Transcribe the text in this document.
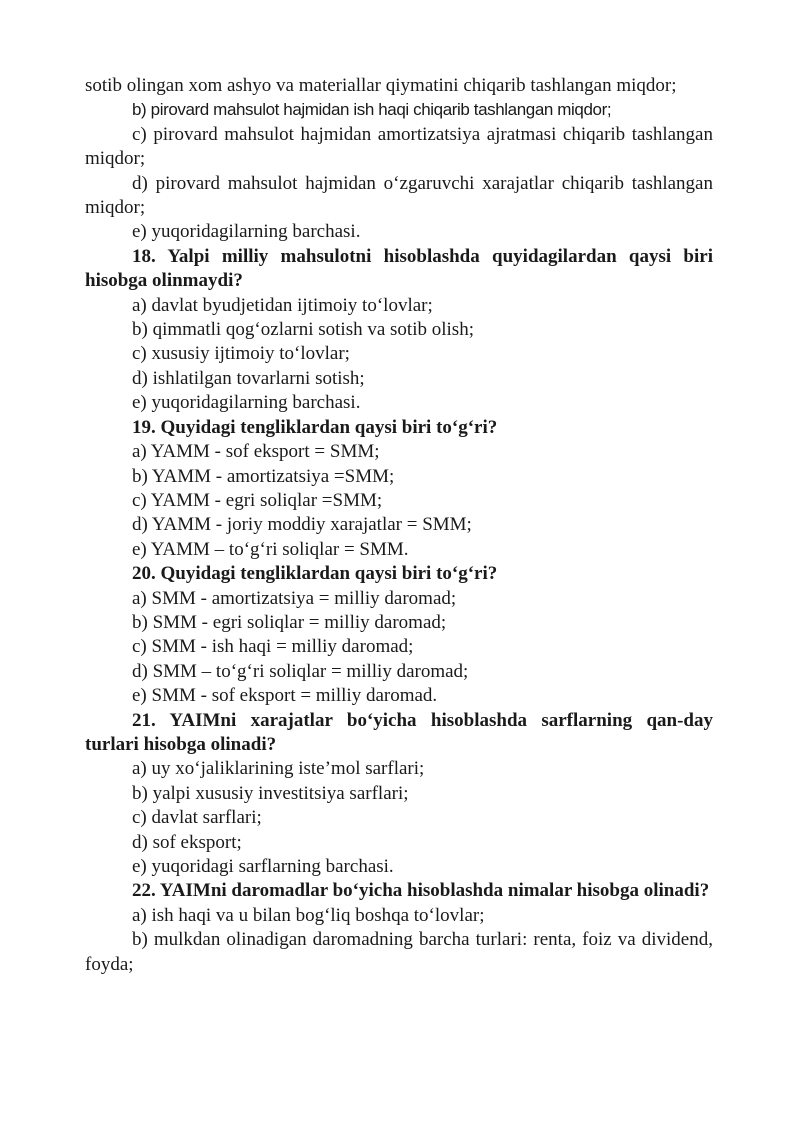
sotib olingan xom ashyo va materiallar qiymatini chiqarib tashlangan miqdor;

b) pirovard mahsulot hajmidan ish haqi chiqarib tashlangan miqdor;

c) pirovard mahsulot hajmidan amortizatsiya ajratmasi chiqarib tashlangan miqdor;

d) pirovard mahsulot hajmidan o‘zgaruvchi xarajatlar chiqarib tashlangan miqdor;

e) yuqoridagilarning barchasi.

18. Yalpi milliy mahsulotni hisoblashda quyidagilardan qaysi biri hisobga olinmaydi?

a) davlat byudjetidan ijtimoiy to‘lovlar;

b) qimmatli qog‘ozlarni sotish va sotib olish;

c) xususiy ijtimoiy to‘lovlar;

d) ishlatilgan tovarlarni sotish;

e) yuqoridagilarning barchasi.

19. Quyidagi tengliklardan qaysi biri to‘g‘ri?

a) YAMM - sof eksport = SMM;

b) YAMM - amortizatsiya =SMM;

c) YAMM - egri soliqlar =SMM;

d) YAMM - joriy moddiy xarajatlar = SMM;

e) YAMM – to‘g‘ri soliqlar = SMM.

20. Quyidagi tengliklardan qaysi biri to‘g‘ri?

a) SMM - amortizatsiya = milliy daromad;

b) SMM - egri soliqlar = milliy daromad;

c) SMM - ish haqi = milliy daromad;

d) SMM – to‘g‘ri soliqlar = milliy daromad;

e) SMM - sof eksport = milliy daromad.

21. YAIMni xarajatlar bo‘yicha hisoblashda sarflarning qan-day turlari hisobga olinadi?

a) uy xo‘jaliklarining iste’mol sarflari;

b) yalpi xususiy investitsiya sarflari;

c) davlat sarflari;

d) sof eksport;

e) yuqoridagi sarflarning barchasi.

22. YAIMni daromadlar bo‘yicha hisoblashda nimalar hisobga olinadi?

a) ish haqi va u bilan bog‘liq boshqa to‘lovlar;

b) mulkdan olinadigan daromadning barcha turlari: renta, foiz va dividend, foyda;
